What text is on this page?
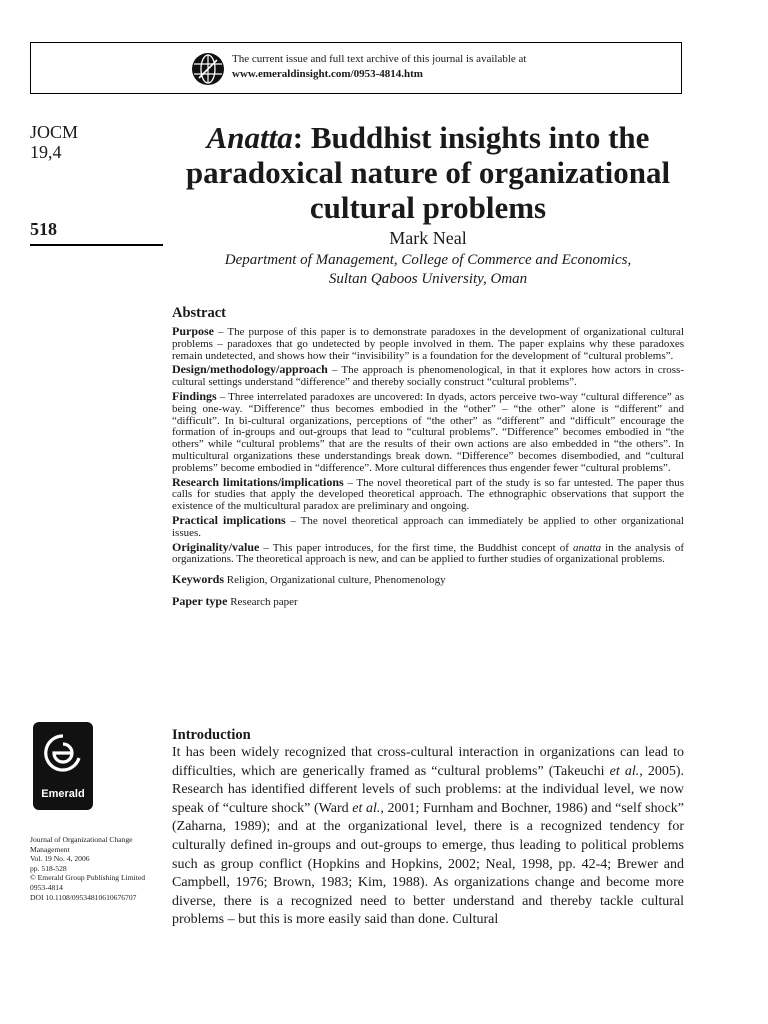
The current issue and full text archive of this journal is available at
www.emeraldinsight.com/0953-4814.htm
JOCM
19,4
518
Anatta: Buddhist insights into the paradoxical nature of organizational cultural problems
Mark Neal
Department of Management, College of Commerce and Economics,
Sultan Qaboos University, Oman
Abstract

Purpose – The purpose of this paper is to demonstrate paradoxes in the development of organizational cultural problems – paradoxes that go undetected by people involved in them. The paper explains why these paradoxes remain undetected, and shows how their “invisibility” is a foundation for the development of “cultural problems”.

Design/methodology/approach – The approach is phenomenological, in that it explores how actors in cross-cultural settings understand “difference” and thereby socially construct “cultural problems”.

Findings – Three interrelated paradoxes are uncovered: In dyads, actors perceive two-way “cultural difference” as being one-way. “Difference” thus becomes embodied in the “other” – “the other” alone is “different” and “difficult”. In bi-cultural organizations, perceptions of “the other” as “different” and “difficult” encourage the formation of in-groups and out-groups that lead to “cultural problems”. “Difference” becomes embodied in “the others” while “cultural problems” that are the results of their own actions are also embedded in “the others”. In multicultural organizations these understandings break down. “Difference” becomes disembodied, and “cultural problems” become embodied in “difference”. More cultural differences thus engender fewer “cultural problems”.

Research limitations/implications – The novel theoretical part of the study is so far untested. The paper thus calls for studies that apply the developed theoretical approach. The ethnographic observations that support the existence of the multicultural paradox are preliminary and ongoing.

Practical implications – The novel theoretical approach can immediately be applied to other organizational issues.

Originality/value – This paper introduces, for the first time, the Buddhist concept of anatta in the analysis of organizations. The theoretical approach is new, and can be applied to further studies of organizational problems.

Keywords Religion, Organizational culture, Phenomenology

Paper type Research paper

Emerald
Journal of Organizational Change
Management
Vol. 19 No. 4, 2006
pp. 518-528
© Emerald Group Publishing Limited
0953-4814
DOI 10.1108/09534810610676707
Introduction

It has been widely recognized that cross-cultural interaction in organizations can lead to difficulties, which are generically framed as “cultural problems” (Takeuchi et al., 2005). Research has identified different levels of such problems: at the individual level, we now speak of “culture shock” (Ward et al., 2001; Furnham and Bochner, 1986) and “self shock” (Zaharna, 1989); and at the organizational level, there is a recognized tendency for culturally defined in-groups and out-groups to emerge, thus leading to political problems such as group conflict (Hopkins and Hopkins, 2002; Neal, 1998, pp. 42-4; Brewer and Campbell, 1976; Brown, 1983; Kim, 1988). As organizations change and become more diverse, there is a recognized need to better understand and thereby tackle cultural problems – but this is more easily said than done. Cultural
